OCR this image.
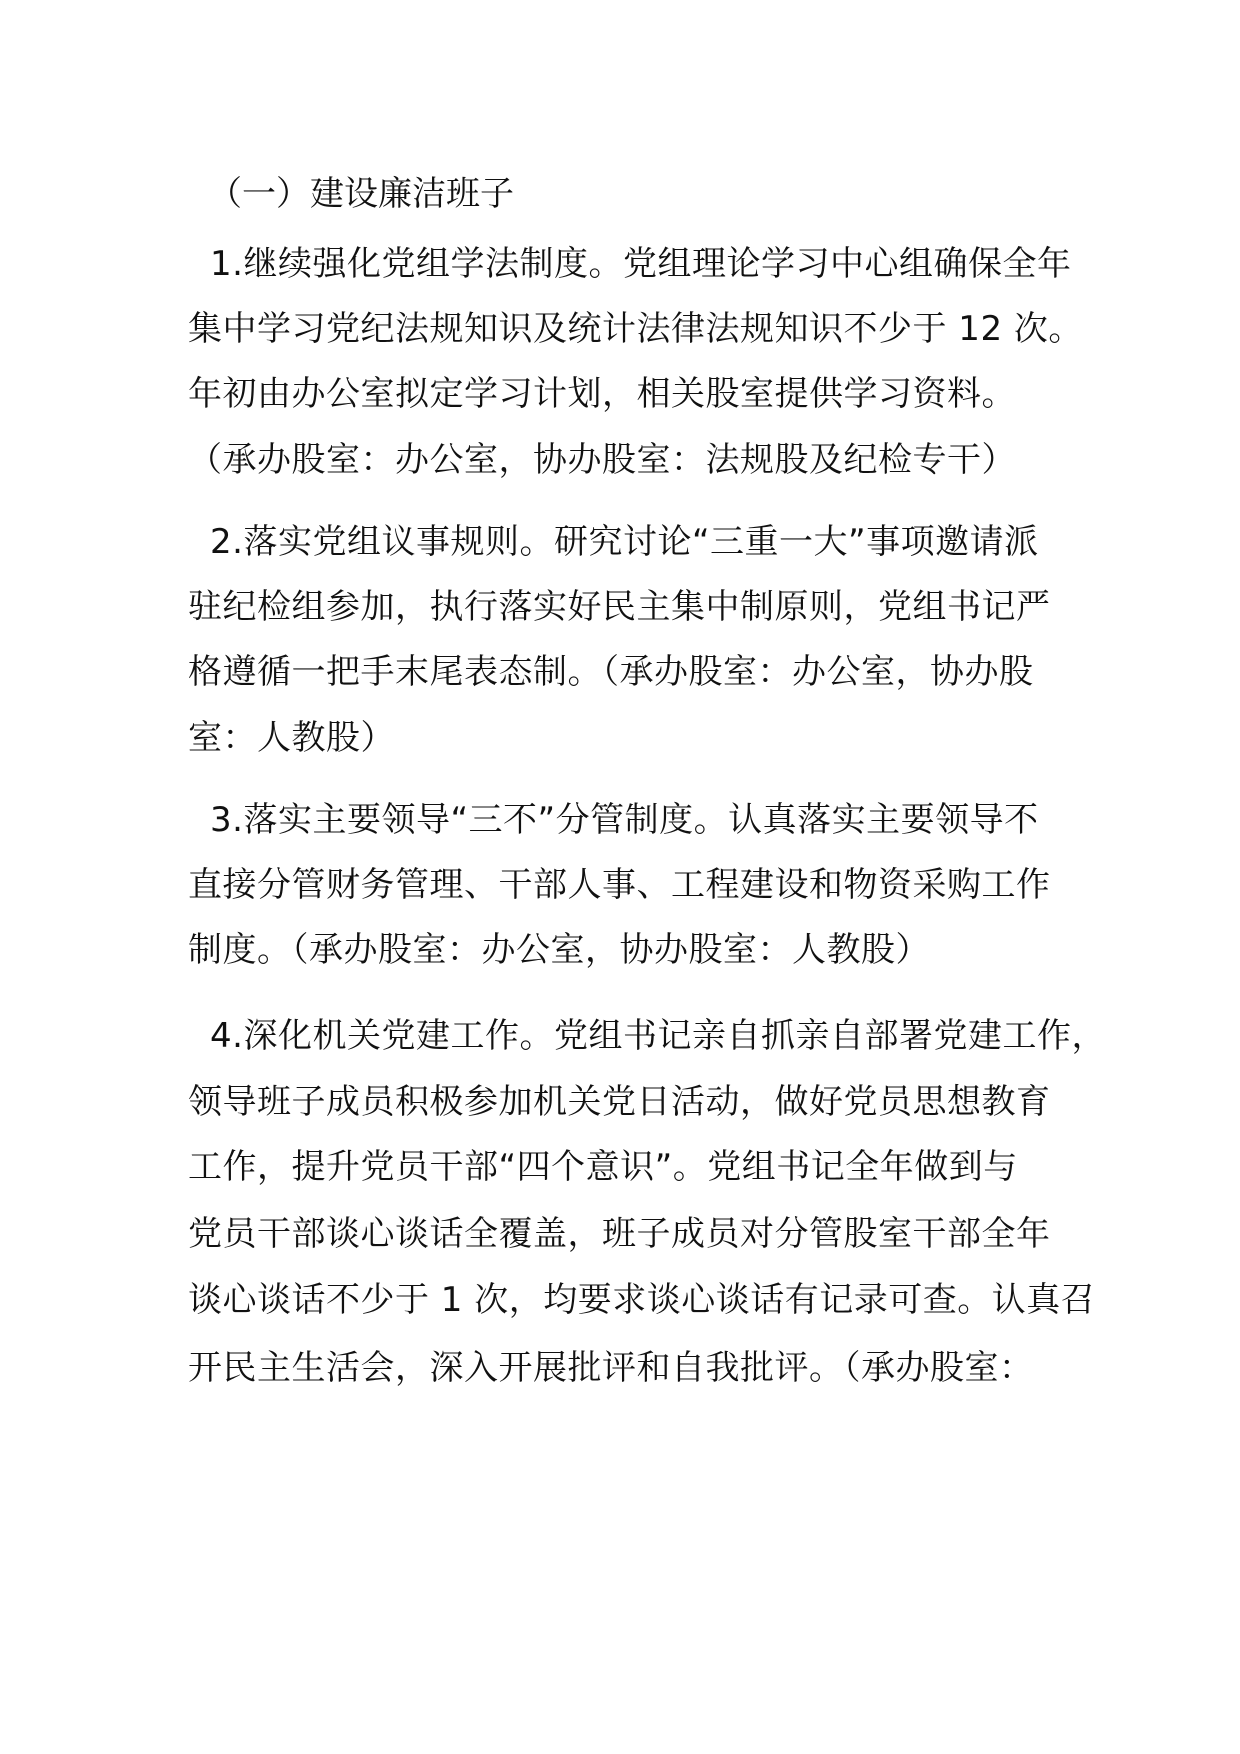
（一）建设廉洁班子
1.继续强化党组学法制度。党组理论学习中心组确保全年
集中学习党纪法规知识及统计法律法规知识不少于 12 次。
年初由办公室拟定学习计划，相关股室提供学习资料。
（承办股室：办公室，协办股室：法规股及纪检专干）
2.落实党组议事规则。研究讨论“三重一大”事项邀请派
驻纪检组参加，执行落实好民主集中制原则，党组书记严
格遵循一把手末尾表态制。（承办股室：办公室，协办股
室：人教股）
3.落实主要领导“三不”分管制度。认真落实主要领导不
直接分管财务管理、干部人事、工程建设和物资采购工作
制度。（承办股室：办公室，协办股室：人教股）
4.深化机关党建工作。党组书记亲自抓亲自部署党建工作，
领导班子成员积极参加机关党日活动，做好党员思想教育
工作，提升党员干部“四个意识”。党组书记全年做到与
党员干部谈心谈话全覆盖，班子成员对分管股室干部全年
谈心谈话不少于 1 次，均要求谈心谈话有记录可查。认真召
开民主生活会，深入开展批评和自我批评。（承办股室：
